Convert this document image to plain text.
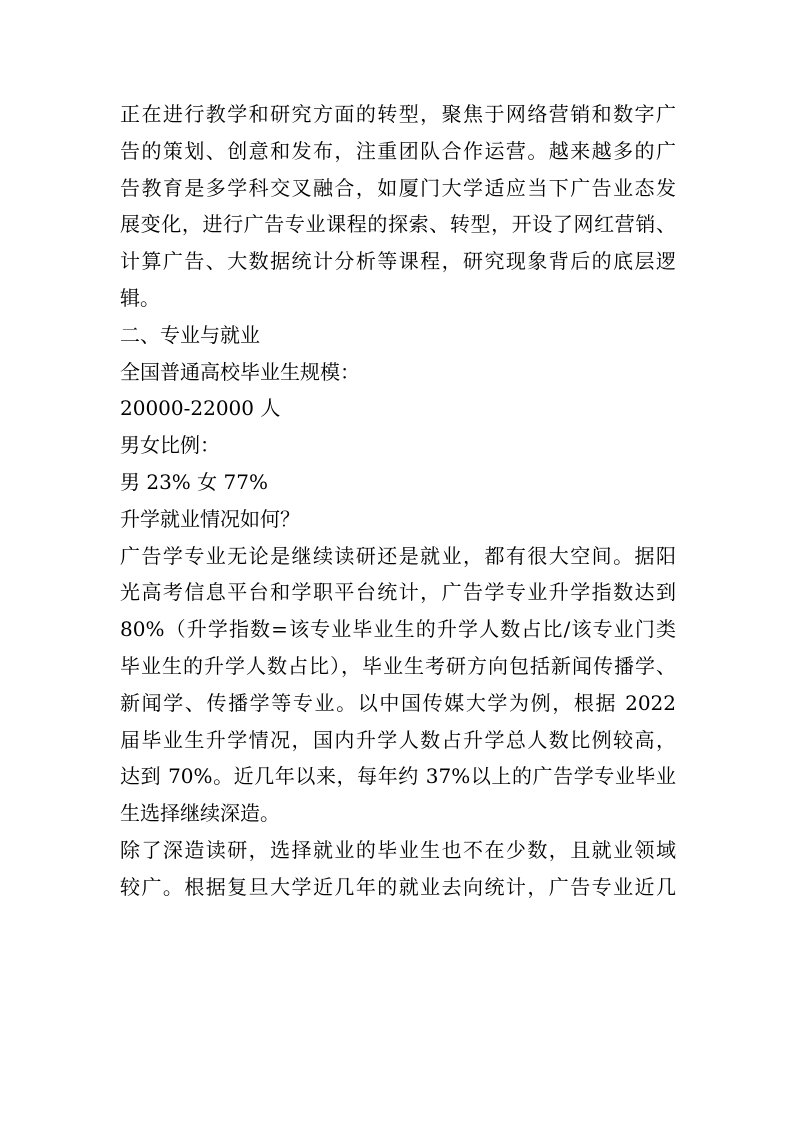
正在进行教学和研究方面的转型，聚焦于网络营销和数字广
告的策划、创意和发布，注重团队合作运营。越来越多的广
告教育是多学科交叉融合，如厦门大学适应当下广告业态发
展变化，进行广告专业课程的探索、转型，开设了网红营销、
计算广告、大数据统计分析等课程，研究现象背后的底层逻
辑。
二、专业与就业
全国普通高校毕业生规模：
20000-22000 人
男女比例：
男 23% 女 77%
升学就业情况如何？
广告学专业无论是继续读研还是就业，都有很大空间。据阳
光高考信息平台和学职平台统计，广告学专业升学指数达到
80%（升学指数=该专业毕业生的升学人数占比/该专业门类
毕业生的升学人数占比），毕业生考研方向包括新闻传播学、
新闻学、传播学等专业。以中国传媒大学为例，根据 2022
届毕业生升学情况，国内升学人数占升学总人数比例较高，
达到 70%。近几年以来，每年约 37%以上的广告学专业毕业
生选择继续深造。
除了深造读研，选择就业的毕业生也不在少数，且就业领域
较广。根据复旦大学近几年的就业去向统计，广告专业近几
